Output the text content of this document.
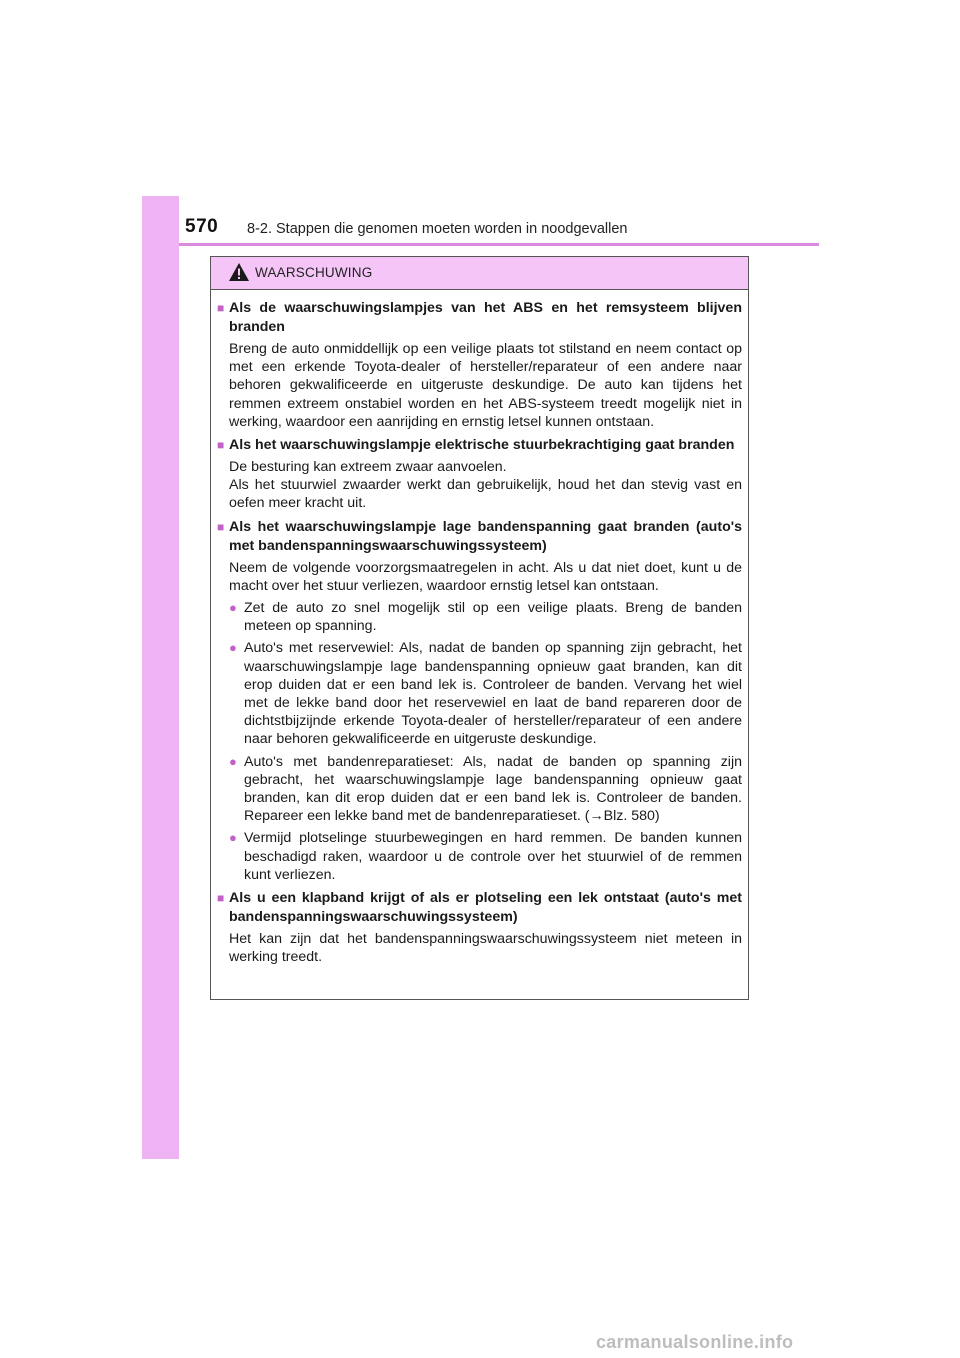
570 8-2. Stappen die genomen moeten worden in noodgevallen
WAARSCHUWING
■ Als de waarschuwingslampjes van het ABS en het remsysteem blijven branden
Breng de auto onmiddellijk op een veilige plaats tot stilstand en neem contact op met een erkende Toyota-dealer of hersteller/reparateur of een andere naar behoren gekwalificeerde en uitgeruste deskundige. De auto kan tijdens het remmen extreem onstabiel worden en het ABS-systeem treedt mogelijk niet in werking, waardoor een aanrijding en ernstig letsel kunnen ontstaan.
■ Als het waarschuwingslampje elektrische stuurbekrachtiging gaat branden
De besturing kan extreem zwaar aanvoelen.
Als het stuurwiel zwaarder werkt dan gebruikelijk, houd het dan stevig vast en oefen meer kracht uit.
■ Als het waarschuwingslampje lage bandenspanning gaat branden (auto's met bandenspanningswaarschuwingssysteem)
Neem de volgende voorzorgsmaatregelen in acht. Als u dat niet doet, kunt u de macht over het stuur verliezen, waardoor ernstig letsel kan ontstaan.
● Zet de auto zo snel mogelijk stil op een veilige plaats. Breng de banden meteen op spanning.
● Auto's met reservewiel: Als, nadat de banden op spanning zijn gebracht, het waarschuwingslampje lage bandenspanning opnieuw gaat branden, kan dit erop duiden dat er een band lek is. Controleer de banden. Vervang het wiel met de lekke band door het reservewiel en laat de band repareren door de dichtstbijzijnde erkende Toyota-dealer of hersteller/reparateur of een andere naar behoren gekwalificeerde en uitgeruste deskundige.
● Auto's met bandenreparatieset: Als, nadat de banden op spanning zijn gebracht, het waarschuwingslampje lage bandenspanning opnieuw gaat branden, kan dit erop duiden dat er een band lek is. Controleer de banden. Repareer een lekke band met de bandenreparatieset. (→Blz. 580)
● Vermijd plotselinge stuurbewegingen en hard remmen. De banden kunnen beschadigd raken, waardoor u de controle over het stuurwiel of de remmen kunt verliezen.
■ Als u een klapband krijgt of als er plotseling een lek ontstaat (auto's met bandenspanningswaarschuwingssysteem)
Het kan zijn dat het bandenspanningswaarschuwingssysteem niet meteen in werking treedt.
carmanualsonline.info
